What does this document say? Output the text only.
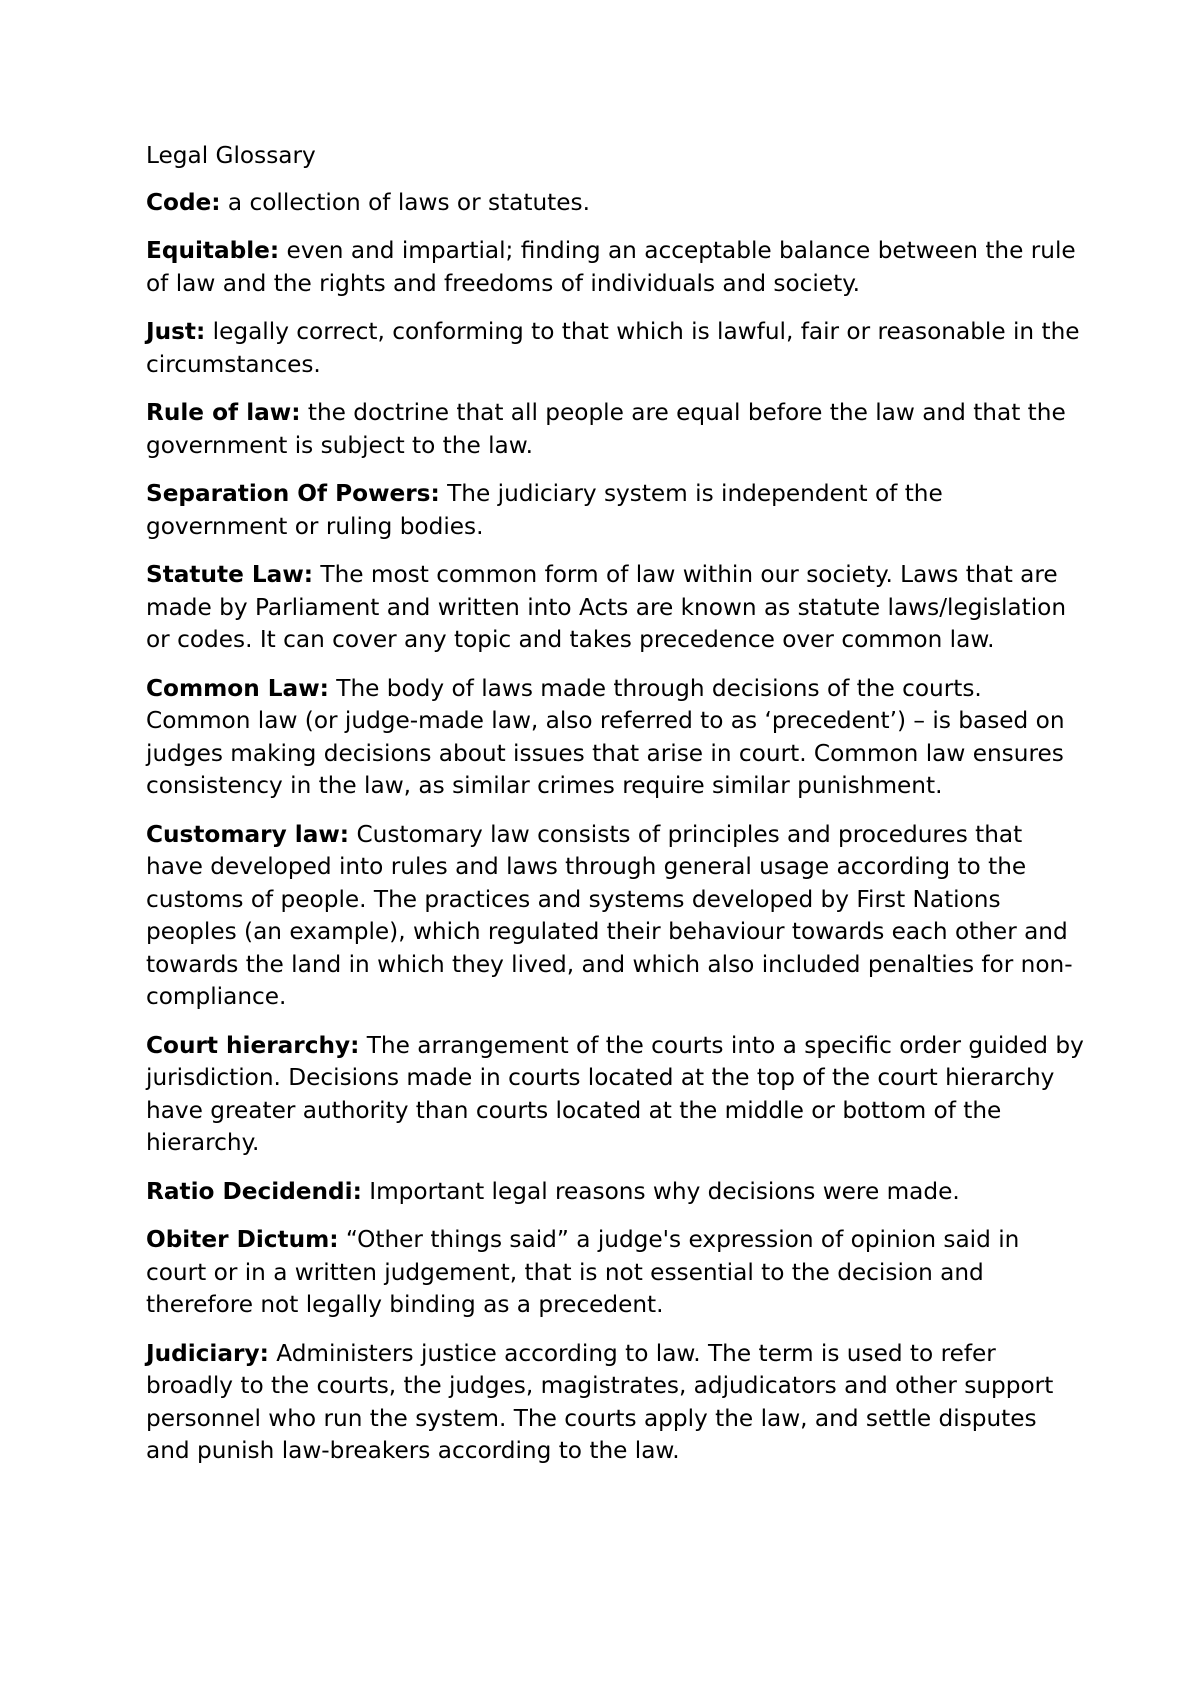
Legal Glossary

Code: a collection of laws or statutes.

Equitable: even and impartial; finding an acceptable balance between the rule of law and the rights and freedoms of individuals and society.

Just: legally correct, conforming to that which is lawful, fair or reasonable in the circumstances.

Rule of law: the doctrine that all people are equal before the law and that the government is subject to the law.

Separation Of Powers: The judiciary system is independent of the government or ruling bodies.

Statute Law: The most common form of law within our society. Laws that are made by Parliament and written into Acts are known as statute laws/legislation or codes. It can cover any topic and takes precedence over common law.

Common Law: The body of laws made through decisions of the courts. Common law (or judge-made law, also referred to as ‘precedent’) – is based on judges making decisions about issues that arise in court. Common law ensures consistency in the law, as similar crimes require similar punishment.

Customary law: Customary law consists of principles and procedures that have developed into rules and laws through general usage according to the customs of people. The practices and systems developed by First Nations peoples (an example), which regulated their behaviour towards each other and towards the land in which they lived, and which also included penalties for non-compliance.

Court hierarchy: The arrangement of the courts into a specific order guided by jurisdiction. Decisions made in courts located at the top of the court hierarchy have greater authority than courts located at the middle or bottom of the hierarchy.

Ratio Decidendi: Important legal reasons why decisions were made.

Obiter Dictum: “Other things said” a judge's expression of opinion said in court or in a written judgement, that is not essential to the decision and therefore not legally binding as a precedent.

Judiciary: Administers justice according to law. The term is used to refer broadly to the courts, the judges, magistrates, adjudicators and other support personnel who run the system. The courts apply the law, and settle disputes and punish law-breakers according to the law.
